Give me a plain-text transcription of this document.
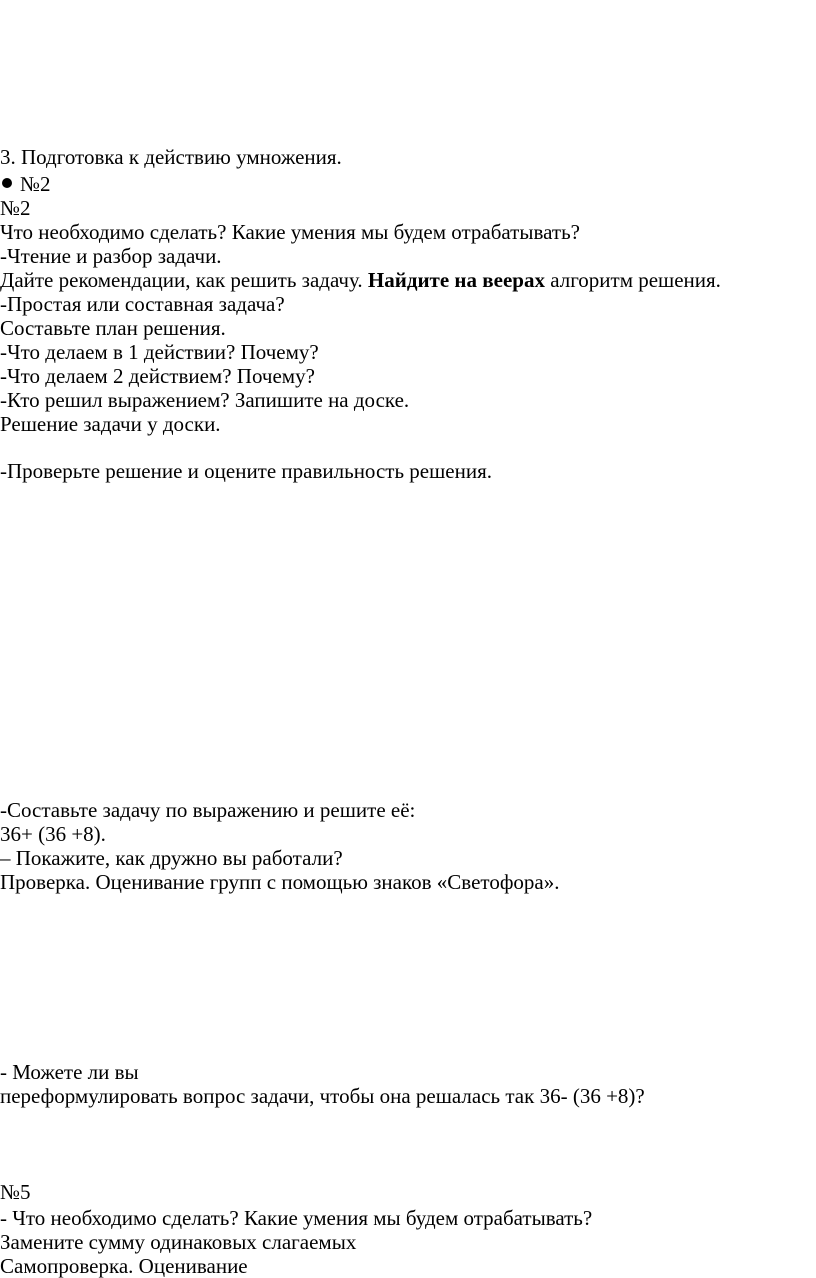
3. Подготовка к действию умножения.
№2
№2
Что необходимо сделать? Какие умения мы будем отрабатывать?
-Чтение и разбор задачи.
Дайте рекомендации, как решить задачу. Найдите на веерах алгоритм решения.
-Простая или составная задача?
Составьте план решения.
-Что делаем в 1 действии? Почему?
-Что делаем 2 действием? Почему?
-Кто решил выражением? Запишите на доске.
Решение задачи у доски.
-Проверьте решение и оцените правильность решения.
-Составьте задачу по выражению и решите её:
36+ (36 +8).
– Покажите, как дружно вы работали?
Проверка. Оценивание групп с помощью знаков «Светофора».
- Можете ли вы
переформулировать вопрос задачи, чтобы она решалась так 36- (36 +8)?
№5
- Что необходимо сделать? Какие умения мы будем отрабатывать?
Замените сумму одинаковых слагаемых
Самопроверка. Оценивание
